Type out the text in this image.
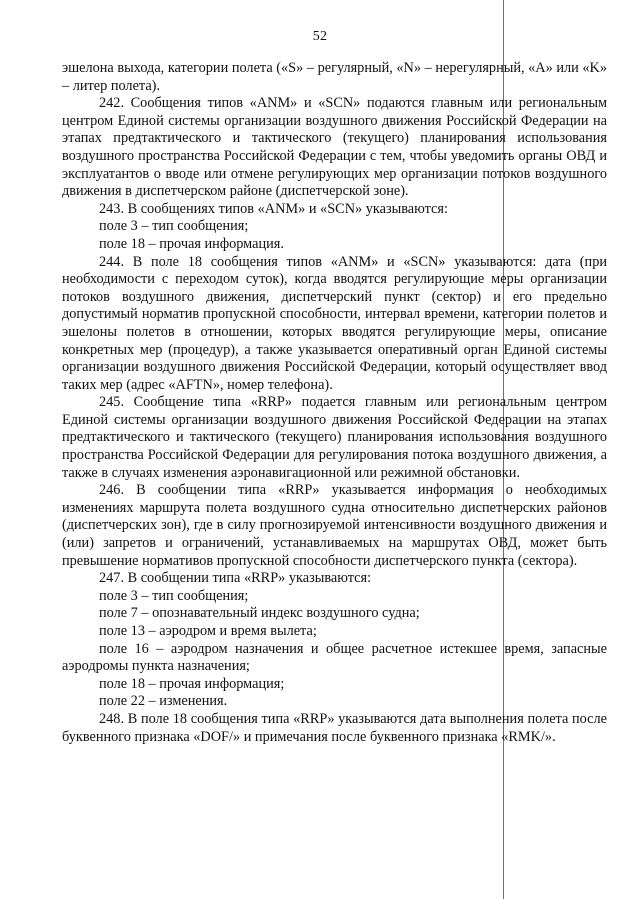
52

эшелона выхода, категории полета («S» – регулярный, «N» – нерегулярный, «A» или «K» – литер полета).

242. Сообщения типов «ANM» и «SCN» подаются главным или региональным центром Единой системы организации воздушного движения Российской Федерации на этапах предтактического и тактического (текущего) планирования использования воздушного пространства Российской Федерации с тем, чтобы уведомить органы ОВД и эксплуатантов о вводе или отмене регулирующих мер организации потоков воздушного движения в диспетчерском районе (диспетчерской зоне).

243. В сообщениях типов «ANM» и «SCN» указываются:

поле 3 – тип сообщения;

поле 18 – прочая информация.

244. В поле 18 сообщения типов «ANM» и «SCN» указываются: дата (при необходимости с переходом суток), когда вводятся регулирующие меры организации потоков воздушного движения, диспетчерский пункт (сектор) и его предельно допустимый норматив пропускной способности, интервал времени, категории полетов и эшелоны полетов в отношении, которых вводятся регулирующие меры, описание конкретных мер (процедур), а также указывается оперативный орган Единой системы организации воздушного движения Российской Федерации, который осуществляет ввод таких мер (адрес «AFTN», номер телефона).

245. Сообщение типа «RRP» подается главным или региональным центром Единой системы организации воздушного движения Российской Федерации на этапах предтактического и тактического (текущего) планирования использования воздушного пространства Российской Федерации для регулирования потока воздушного движения, а также в случаях изменения аэронавигационной или режимной обстановки.

246. В сообщении типа «RRP» указывается информация о необходимых изменениях маршрута полета воздушного судна относительно диспетчерских районов (диспетчерских зон), где в силу прогнозируемой интенсивности воздушного движения и (или) запретов и ограничений, устанавливаемых на маршрутах ОВД, может быть превышение нормативов пропускной способности диспетчерского пункта (сектора).

247. В сообщении типа «RRP» указываются:

поле 3 – тип сообщения;

поле 7 – опознавательный индекс воздушного судна;

поле 13 – аэродром и время вылета;

поле 16 – аэродром назначения и общее расчетное истекшее время, запасные аэродромы пункта назначения;

поле 18 – прочая информация;

поле 22 – изменения.

248. В поле 18 сообщения типа «RRP» указываются дата выполнения полета после буквенного признака «DOF/» и примечания после буквенного признака «RMK/».
